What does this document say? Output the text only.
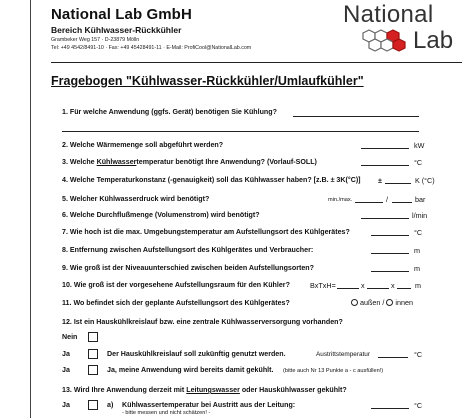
National Lab GmbH
Bereich Kühlwasser-Rückkühler
Grambeker Weg 157 · D-23879 Mölln
Tel: +49 4542/8491-10 · Fax: +49 45428491-11 · E-Mail: ProfiCool@NationalLab.com
National
Lab
Fragebogen "Kühlwasser-Rückkühler/Umlaufkühler"
1. Für welche Anwendung (ggfs. Gerät) benötigen Sie Kühlung?
2. Welche Wärmemenge soll abgeführt werden?	kW
3. Welche Kühlwassertemperatur benötigt Ihre Anwendung? (Vorlauf-SOLL)	°C
4. Welche Temperaturkonstanz (-genauigkeit) soll das Kühlwasser haben? [z.B. ± 3K(°C)] ±	K (°C)
5. Welcher Kühlwasserdruck wird benötigt?	min./max.	/	bar
6. Welche Durchflußmenge (Volumenstrom) wird benötigt?	l/min
7. Wie hoch ist die max. Umgebungstemperatur am Aufstellungsort des Kühlgerätes?	°C
8. Entfernung zwischen Aufstellungsort des Kühlgerätes und Verbraucher:	m
9. Wie groß ist der Niveauunterschied zwischen beiden Aufstellungsorten?	m
10. Wie groß ist der vorgesehene Aufstellungsraum für den Kühler?	BxTxH=	x	x	m
11. Wo befindet sich der geplante Aufstellungsort des Kühlgerätes?	außen / innen
12. Ist ein Hauskühlkreislauf bzw. eine zentrale Kühlwasserversorgung vorhanden?
Nein
Ja	Der Hauskühlkreislauf soll zukünftig genutzt werden.	Austrittstemperatur	°C
Ja	Ja, meine Anwendung wird bereits damit gekühlt. (bitte auch Nr 13 Punkte a - c ausfüllen!)
13. Wird Ihre Anwendung derzeit mit Leitungswasser oder Hauskühlwasser gekühlt?
Ja	a) Kühlwassertemperatur bei Austritt aus der Leitung:	°C
- bitte messen und nicht schätzen! -
